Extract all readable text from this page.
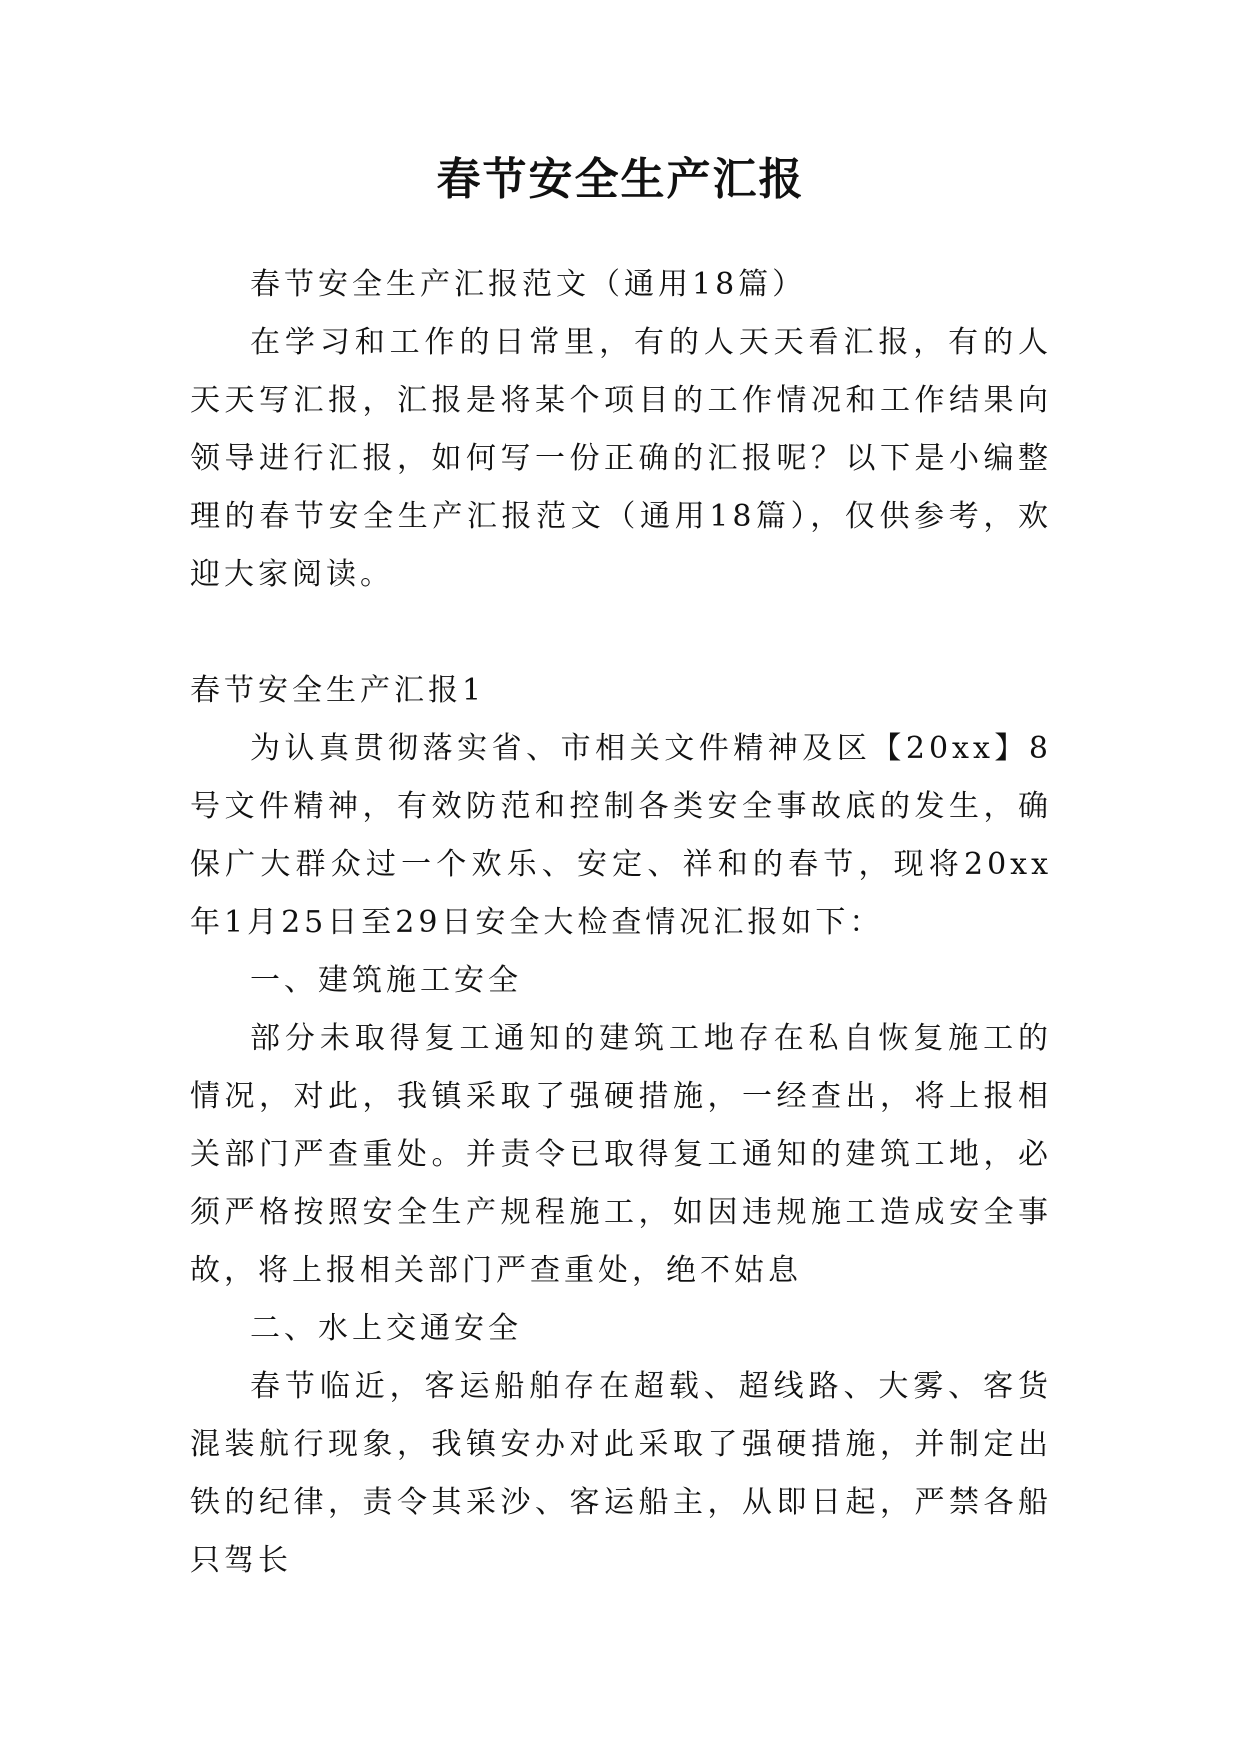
春节安全生产汇报

春节安全生产汇报范文（通用18篇）

在学习和工作的日常里，有的人天天看汇报，有的人天天写汇报，汇报是将某个项目的工作情况和工作结果向领导进行汇报，如何写一份正确的汇报呢？以下是小编整理的春节安全生产汇报范文（通用18篇），仅供参考，欢迎大家阅读。

春节安全生产汇报1

为认真贯彻落实省、市相关文件精神及区【20xx】8号文件精神，有效防范和控制各类安全事故底的发生，确保广大群众过一个欢乐、安定、祥和的春节，现将20xx年1月25日至29日安全大检查情况汇报如下：

一、建筑施工安全

部分未取得复工通知的建筑工地存在私自恢复施工的情况，对此，我镇采取了强硬措施，一经查出，将上报相关部门严查重处。并责令已取得复工通知的建筑工地，必须严格按照安全生产规程施工，如因违规施工造成安全事故，将上报相关部门严查重处，绝不姑息

二、水上交通安全

春节临近，客运船舶存在超载、超线路、大雾、客货混装航行现象，我镇安办对此采取了强硬措施，并制定出铁的纪律，责令其采沙、客运船主，从即日起，严禁各船只驾长
